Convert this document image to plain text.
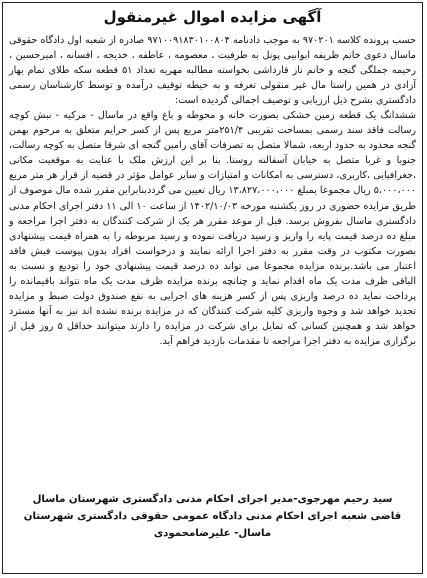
آگهی مزایده اموال غیرمنقول

حسب پرونده کلاسه ۹۷۰۲۰۱ به موجب دادنامه ۹۷۱۰۰۹۱۸۳۰۱۰۰۸۰۴ صادره از شعبه اول دادگاه حقوقی ماسال دعوی خانم ظریفه ابوابیی پونل به طرفیت ، معصومه ، عاطفه ، خدیجه ، افسانه ، امیرحسین ، رحیمه جملگی گنجه و خانم ناز قارداشی بخواسته مطالبه مهریه تعداد ۵۱ قطعه سکه طلای تمام بهار آزادی در همین راستا مال غیر منقولی تعرفه و به حیطه توقیف درآمده و توسط کارشناسان رسمی دادگستری بشرح ذیل ارزیابی و توصیف اجمالی گردیده است:

ششدانگ یک قطعه زمین خشکی بصورت خانه و محوطه و باغ واقع در ماسال - مرکیه - نبش کوچه رسالت فاقد سند رسمی بمساحت تقریبی ۲۵۱/۴متر مربع پس از کسر حرایم متعلق به مرحوم بهمن گنجه محدود به حدود اربعه، شمالا متصل به تصرفات آقای رامین گنجه ای شرقا متصل به کوچه رسالت، جنوبا و غربا متصل به خیابان آسفالته روستا. بنا بر این ارزش ملک با عنایت به موقعیت مکانی ،جغرافیایی ،کاربری، دسترسی به امکانات و امتیازات و سایر عوامل مؤثر در قضیه از قرار هر متر مربع ۵،۰۰۰،۰۰۰ ریال مجموعا بمبلغ ۱۳،۸۲۷،۰۰۰،۰۰۰ ریال تعیین می گرددبنابراین مقرر شده مال موصوف از طریق مزایده حضوری در روز یکشنبه مورخه ۱۴۰۲/۱۰/۰۳ از ساعت ۱۰ الی ۱۱ دفتر اجرای احکام مدنی دادگستری ماسال بفروش برسد. قبل از موعد مقرر هر یک از شرکت کنندگان به دفتر اجرا مراجعه و مبلغ ده درصد قیمت پایه را واریز و رسید دریافت نموده و رسید مربوطه را به همراه قیمت پیشنهادی بصورت مکتوب در وقت مقرر به دفتر اجرا ارائه نمایند و درخواست افراد بدون پیوست فیش فاقد اعتبار می باشد.برنده مزایده مجموعا می تواند ده درصد قیمت پیشنهادی خود را تودیع و نسبت به الباقی ظرف مدت یک ماه اقدام نماید و چنانچه برنده مزایده ظرف مدت یک ماه نتواند باقیمانده را پرداخت نماید ده درصد واریزی پس از کسر هزینه های اجرایی به نفع صندوق دولت ضبط و مزایده تجدید خواهد شد و وجوه واریزی کلیه شرکت کنندگان که در مزایده برنده نشده اند نیز به آنها مسترد خواهد شد و همچنین کسانی که تمایل برای شرکت در مزایده را دارند میتوانند حداقل ۵ روز قبل از برگزاری مزایده به دفتر اجرا مراجعه تا مقدمات بازدید فراهم آید.

سید رحیم مهرجوی-مدیر اجرای احکام مدنی دادگستری شهرستان ماسال

قاضی شعبه اجرای احکام مدنی دادگاه عمومی حقوقی دادگستری شهرستان ماسال- علیرضامحمودی
